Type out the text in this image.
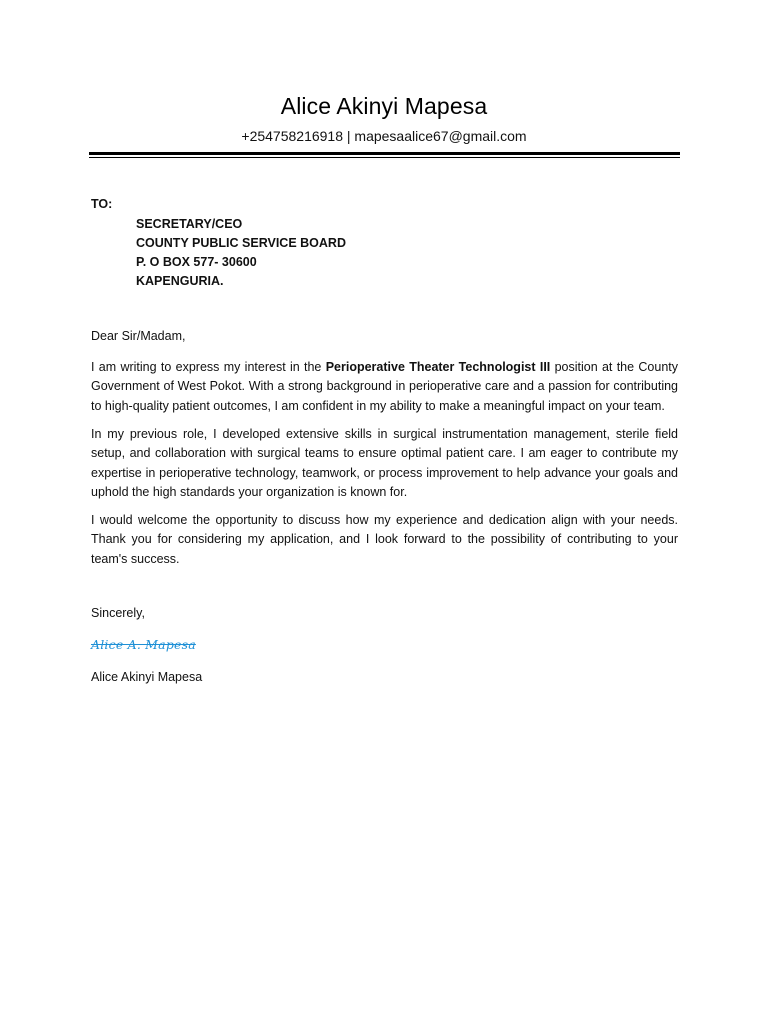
Alice Akinyi Mapesa
+254758216918 | mapesaalice67@gmail.com
TO:
SECRETARY/CEO
COUNTY PUBLIC SERVICE BOARD
P. O BOX 577- 30600
KAPENGURIA.
Dear Sir/Madam,
I am writing to express my interest in the Perioperative Theater Technologist III position at the County Government of West Pokot. With a strong background in perioperative care and a passion for contributing to high-quality patient outcomes, I am confident in my ability to make a meaningful impact on your team.
In my previous role, I developed extensive skills in surgical instrumentation management, sterile field setup, and collaboration with surgical teams to ensure optimal patient care. I am eager to contribute my expertise in perioperative technology, teamwork, or process improvement to help advance your goals and uphold the high standards your organization is known for.
I would welcome the opportunity to discuss how my experience and dedication align with your needs. Thank you for considering my application, and I look forward to the possibility of contributing to your team's success.
Sincerely,
Alice A. Mapesa
Alice Akinyi Mapesa
